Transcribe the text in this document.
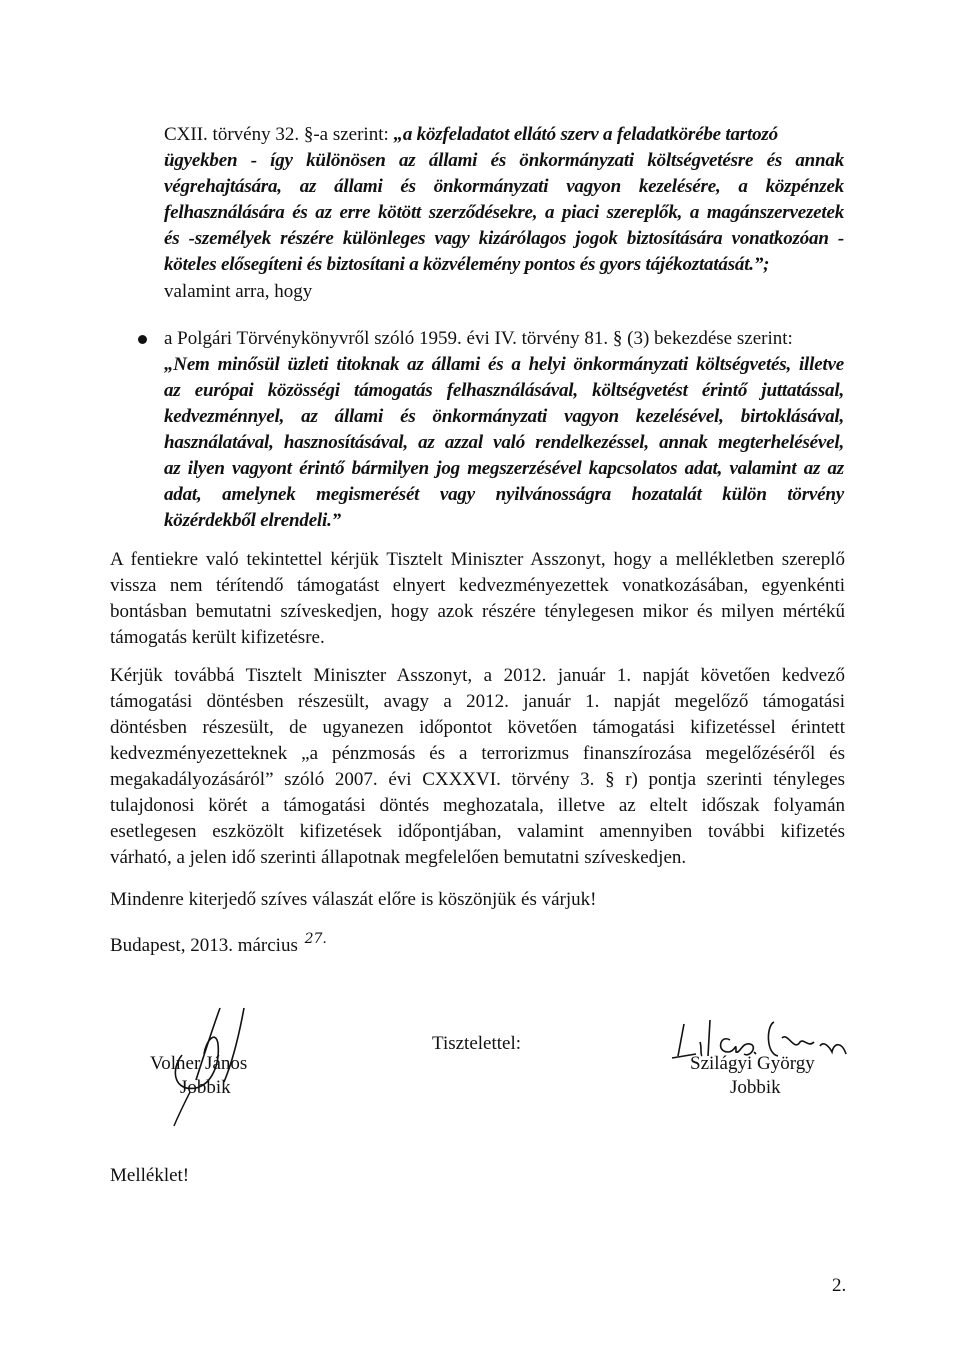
CXII. törvény 32. §-a szerint: „a közfeladatot ellátó szerv a feladatkörébe tartozó
ügyekben - így különösen az állami és önkormányzati költségvetésre és annak
végrehajtására, az állami és önkormányzati vagyon kezelésére, a közpénzek
felhasználására és az erre kötött szerződésekre, a piaci szereplők, a magánszervezetek
és -személyek részére különleges vagy kizárólagos jogok biztosítására vonatkozóan -
köteles elősegíteni és biztosítani a közvélemény pontos és gyors tájékoztatását.”;
valamint arra, hogy
a Polgári Törvénykönyvről szóló 1959. évi IV. törvény 81. § (3) bekezdése szerint:
„Nem minősül üzleti titoknak az állami és a helyi önkormányzati költségvetés, illetve
az európai közösségi támogatás felhasználásával, költségvetést érintő juttatással,
kedvezménnyel, az állami és önkormányzati vagyon kezelésével, birtoklásával,
használatával, hasznosításával, az azzal való rendelkezéssel, annak megterhelésével,
az ilyen vagyont érintő bármilyen jog megszerzésével kapcsolatos adat, valamint az az
adat, amelynek megismerését vagy nyilvánosságra hozatalát külön törvény
közérdekből elrendeli.”
A fentiekre való tekintettel kérjük Tisztelt Miniszter Asszonyt, hogy a mellékletben szereplő
vissza nem térítendő támogatást elnyert kedvezményezettek vonatkozásában, egyenkénti
bontásban bemutatni szíveskedjen, hogy azok részére ténylegesen mikor és milyen mértékű
támogatás került kifizetésre.
Kérjük továbbá Tisztelt Miniszter Asszonyt, a 2012. január 1. napját követően kedvező
támogatási döntésben részesült, avagy a 2012. január 1. napját megelőző támogatási
döntésben részesült, de ugyanezen időpontot követően támogatási kifizetéssel érintett
kedvezményezetteknek „a pénzmosás és a terrorizmus finanszírozása megelőzéséről és
megakadályozásáról” szóló 2007. évi CXXXVI. törvény 3. § r) pontja szerinti tényleges
tulajdonosi körét a támogatási döntés meghozatala, illetve az eltelt időszak folyamán
esetlegesen eszközölt kifizetések időpontjában, valamint amennyiben további kifizetés
várható, a jelen idő szerinti állapotnak megfelelően bemutatni szíveskedjen.
Mindenre kiterjedő szíves válaszát előre is köszönjük és várjuk!
Budapest, 2013. március 27.
Tisztelettel:
Volner János
Jobbik
Szilágyi György
Jobbik
Melléklet!
2.
